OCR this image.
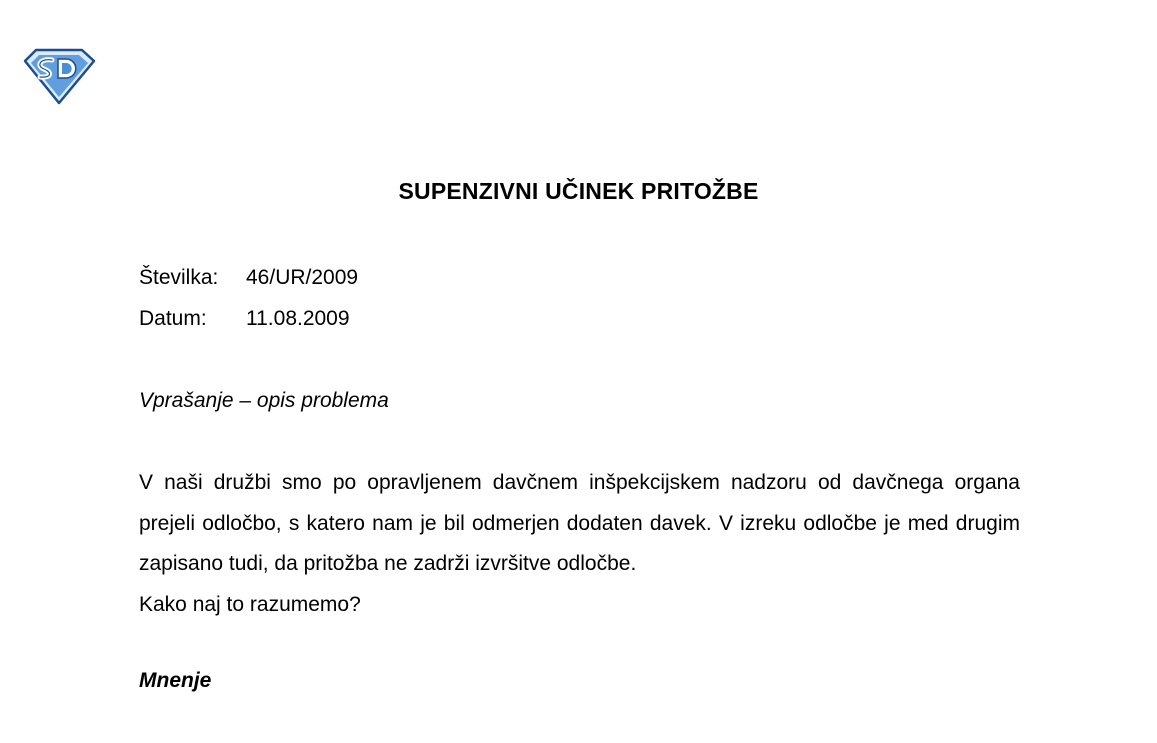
SUPENZIVNI UČINEK PRITOŽBE
Številka:	46/UR/2009
Datum:	11.08.2009
Vprašanje – opis problema

V naši družbi smo po opravljenem davčnem inšpekcijskem nadzoru od davčnega organa prejeli odločbo, s katero nam je bil odmerjen dodaten davek. V izreku odločbe je med drugim zapisano tudi, da pritožba ne zadrži izvršitve odločbe.

Kako naj to razumemo?

Mnenje
